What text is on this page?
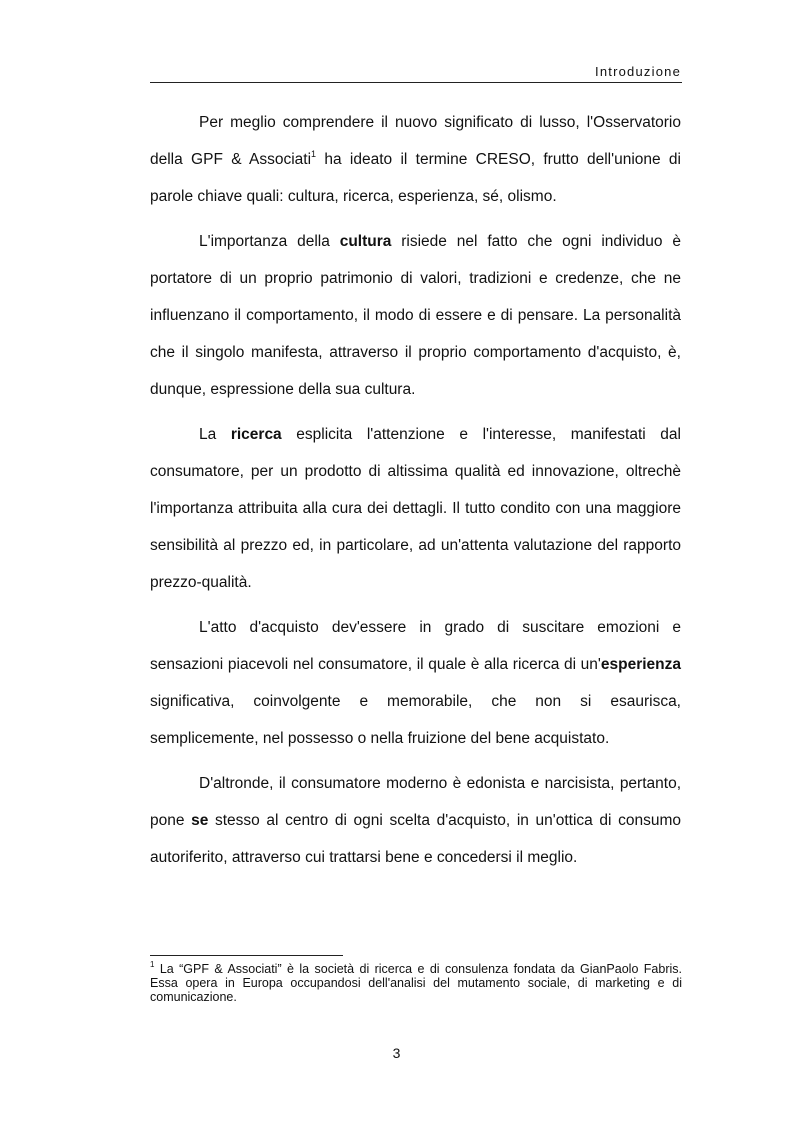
Introduzione

Per meglio comprendere il nuovo significato di lusso, l'Osservatorio della GPF & Associati$^1$ ha ideato il termine CRESO, frutto dell'unione di parole chiave quali: cultura, ricerca, esperienza, sé, olismo.

L'importanza della cultura risiede nel fatto che ogni individuo è portatore di un proprio patrimonio di valori, tradizioni e credenze, che ne influenzano il comportamento, il modo di essere e di pensare. La personalità che il singolo manifesta, attraverso il proprio comportamento d'acquisto, è, dunque, espressione della sua cultura.

La ricerca esplicita l'attenzione e l'interesse, manifestati dal consumatore, per un prodotto di altissima qualità ed innovazione, oltrechè l'importanza attribuita alla cura dei dettagli. Il tutto condito con una maggiore sensibilità al prezzo ed, in particolare, ad un'attenta valutazione del rapporto prezzo-qualità.

L'atto d'acquisto dev'essere in grado di suscitare emozioni e sensazioni piacevoli nel consumatore, il quale è alla ricerca di un'esperienza significativa, coinvolgente e memorabile, che non si esaurisca, semplicemente, nel possesso o nella fruizione del bene acquistato.

D'altronde, il consumatore moderno è edonista e narcisista, pertanto, pone se stesso al centro di ogni scelta d'acquisto, in un'ottica di consumo autoriferito, attraverso cui trattarsi bene e concedersi il meglio.

$^1$ La “GPF & Associati” è la società di ricerca e di consulenza fondata da GianPaolo Fabris. Essa opera in Europa occupandosi dell'analisi del mutamento sociale, di marketing e di comunicazione.
3
